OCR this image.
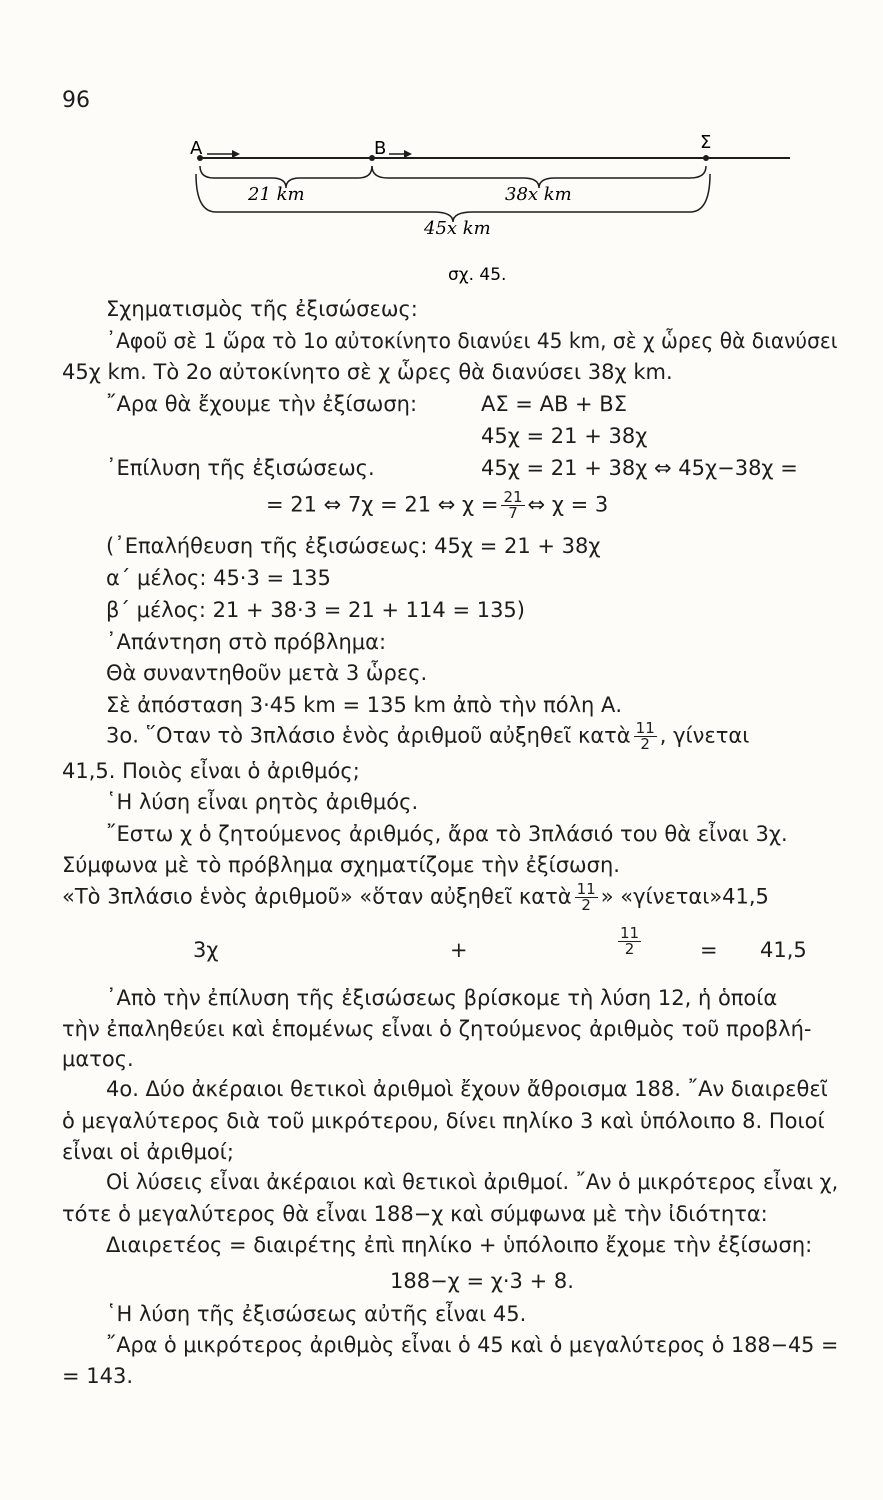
96
Α	Β	Σ
21 km	38x km
45x km
σχ. 45.
Σχηματισμὸς τῆς ἐξισώσεως:
᾿Αφοῦ σὲ 1 ὥρα τὸ 1ο αὐτοκίνητο διανύει 45 km, σὲ χ ὧρες θὰ διανύσει
45χ km. Τὸ 2ο αὐτοκίνητο σὲ χ ὧρες θὰ διανύσει 38χ km.
῎Αρα θὰ ἔχουμε τὴν ἐξίσωση:	ΑΣ = ΑΒ + ΒΣ
45χ = 21 + 38χ
᾿Επίλυση τῆς ἐξισώσεως.	45χ = 21 + 38χ ⇔ 45χ−38χ =
= 21 ⇔ 7χ = 21 ⇔ $\chi = \frac{21}{7}$ ⇔ χ = 3
(᾿Επαλήθευση τῆς ἐξισώσεως: 45χ = 21 + 38χ
α΄ μέλος: 45·3 = 135
β΄ μέλος: 21 + 38·3 = 21 + 114 = 135)
᾿Απάντηση στὸ πρόβλημα:
Θὰ συναντηθοῦν μετὰ 3 ὧρες.
Σὲ ἀπόσταση 3·45 km = 135 km ἀπὸ τὴν πόλη Α.
3ο. ῞Οταν τὸ 3πλάσιο ἑνὸς ἀριθμοῦ αὐξηθεῖ κατὰ $\frac{11}{2}$ , γίνεται
41,5. Ποιὸς εἶναι ὁ ἀριθμός;
῾Η λύση εἶναι ρητὸς ἀριθμός.
῎Εστω χ ὁ ζητούμενος ἀριθμός, ἄρα τὸ 3πλάσιό του θὰ εἶναι 3χ.
Σύμφωνα μὲ τὸ πρόβλημα σχηματίζομε τὴν ἐξίσωση.
«Τὸ 3πλάσιο ἑνὸς ἀριθμοῦ» «ὅταν αὐξηθεῖ κατὰ $\frac{11}{2}$ » «γίνεται»41,5
3χ	+	$\frac{11}{2}$	= 41,5
᾿Απὸ τὴν ἐπίλυση τῆς ἐξισώσεως βρίσκομε τὴ λύση 12, ἡ ὁποία
τὴν ἐπαληθεύει καὶ ἑπομένως εἶναι ὁ ζητούμενος ἀριθμὸς τοῦ προβλή-
ματος.
4ο. Δύο ἀκέραιοι θετικοὶ ἀριθμοὶ ἔχουν ἄθροισμα 188. ῎Αν διαιρεθεῖ
ὁ μεγαλύτερος διὰ τοῦ μικρότερου, δίνει πηλίκο 3 καὶ ὑπόλοιπο 8. Ποιοί
εἶναι οἱ ἀριθμοί;
Οἱ λύσεις εἶναι ἀκέραιοι καὶ θετικοὶ ἀριθμοί. ῎Αν ὁ μικρότερος εἶναι χ,
τότε ὁ μεγαλύτερος θὰ εἶναι 188−χ καὶ σύμφωνα μὲ τὴν ἰδιότητα:
Διαιρετέος = διαιρέτης ἐπὶ πηλίκο + ὑπόλοιπο ἔχομε τὴν ἐξίσωση:
188−χ = χ·3 + 8.
῾Η λύση τῆς ἐξισώσεως αὐτῆς εἶναι 45.
῎Αρα ὁ μικρότερος ἀριθμὸς εἶναι ὁ 45 καὶ ὁ μεγαλύτερος ὁ 188−45 =
= 143.
